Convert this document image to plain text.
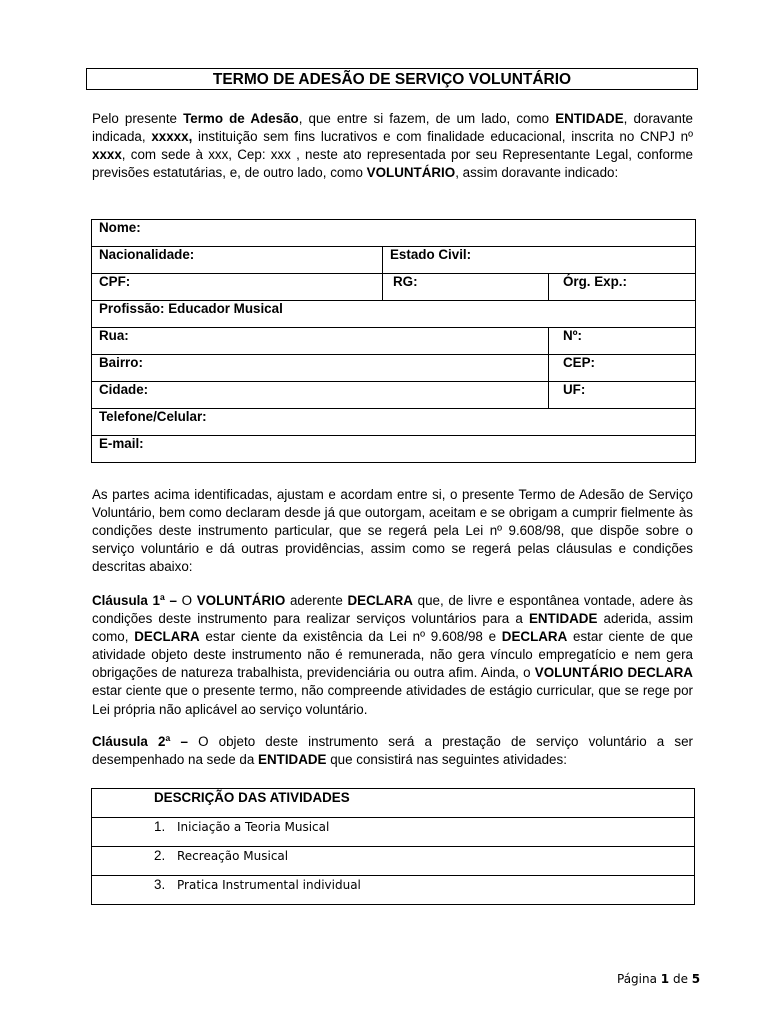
TERMO DE ADESÃO DE SERVIÇO VOLUNTÁRIO

Pelo presente Termo de Adesão, que entre si fazem, de um lado, como ENTIDADE, doravante indicada, xxxxx, instituição sem fins lucrativos e com finalidade educacional, inscrita no CNPJ nº xxxx, com sede à xxx, Cep: xxx , neste ato representada por seu Representante Legal, conforme previsões estatutárias, e, de outro lado, como VOLUNTÁRIO, assim doravante indicado:

Nome:		

Nacionalidade:	Estado Civil:	

CPF:	RG:	Órg. Exp.:

Profissão: Educador Musical		

Rua:		Nº:

Bairro:		CEP:

Cidade:		UF:

Telefone/Celular:		

E-mail:		

As partes acima identificadas, ajustam e acordam entre si, o presente Termo de Adesão de Serviço Voluntário, bem como declaram desde já que outorgam, aceitam e se obrigam a cumprir fielmente às condições deste instrumento particular, que se regerá pela Lei nº 9.608/98, que dispõe sobre o serviço voluntário e dá outras providências, assim como se regerá pelas cláusulas e condições descritas abaixo:

Cláusula 1ª – O VOLUNTÁRIO aderente DECLARA que, de livre e espontânea vontade, adere às condições deste instrumento para realizar serviços voluntários para a ENTIDADE aderida, assim como, DECLARA estar ciente da existência da Lei nº 9.608/98 e DECLARA estar ciente de que atividade objeto deste instrumento não é remunerada, não gera vínculo empregatício e nem gera obrigações de natureza trabalhista, previdenciária ou outra afim. Ainda, o VOLUNTÁRIO DECLARA estar ciente que o presente termo, não compreende atividades de estágio curricular, que se rege por Lei própria não aplicável ao serviço voluntário.

Cláusula 2ª – O objeto deste instrumento será a prestação de serviço voluntário a ser desempenhado na sede da ENTIDADE que consistirá nas seguintes atividades:

DESCRIÇÃO DAS ATIVIDADES
1. Iniciação a Teoria Musical
2. Recreação Musical
3. Pratica Instrumental individual
Página 1 de 5
